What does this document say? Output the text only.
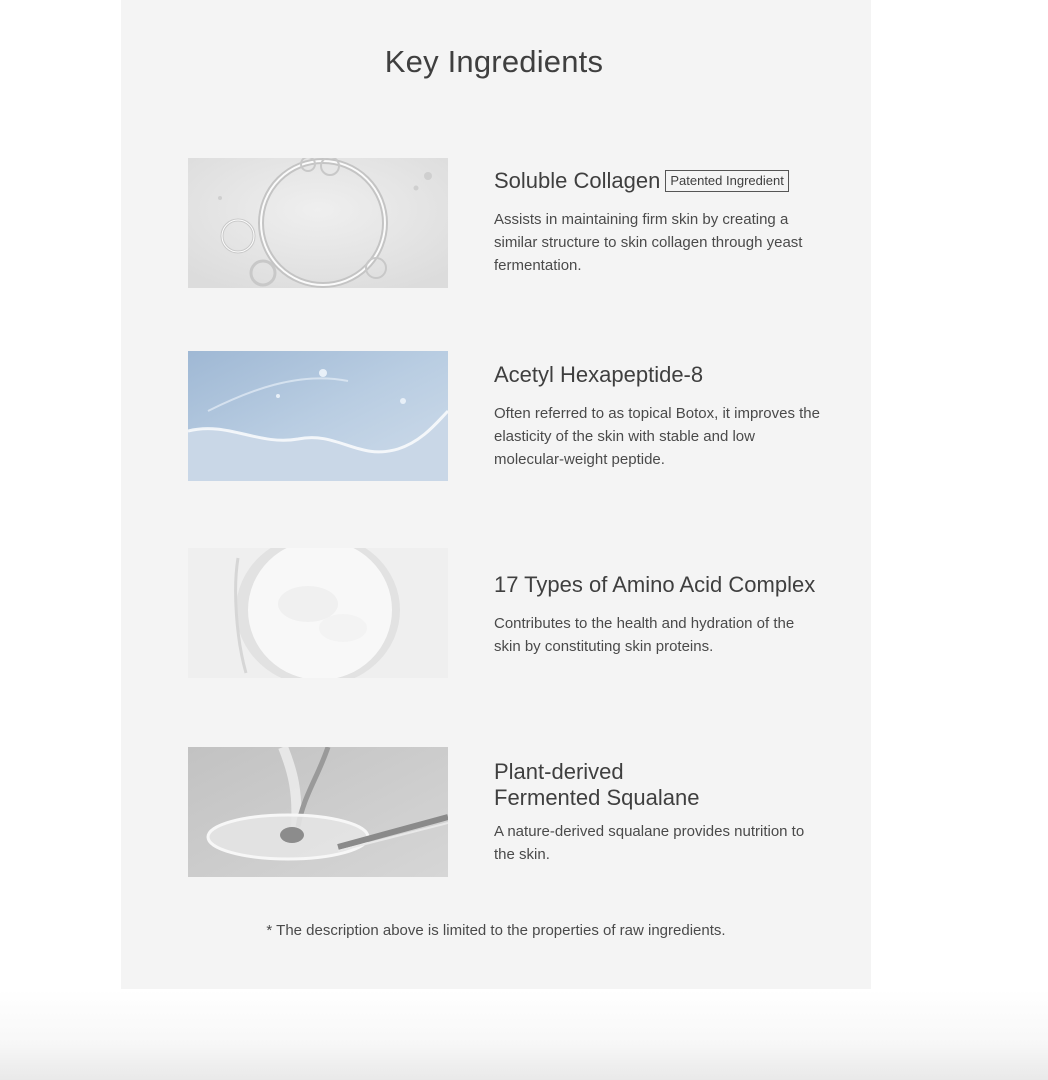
Key Ingredients

Soluble Collagen Patented Ingredient

Assists in maintaining firm skin by creating a similar structure to skin collagen through yeast fermentation.

Acetyl Hexapeptide-8

Often referred to as topical Botox, it improves the elasticity of the skin with stable and low molecular-weight peptide.

17 Types of Amino Acid Complex

Contributes to the health and hydration of the skin by constituting skin proteins.

Plant-derived
Fermented Squalane

A nature-derived squalane provides nutrition to the skin.

* The description above is limited to the properties of raw ingredients.
